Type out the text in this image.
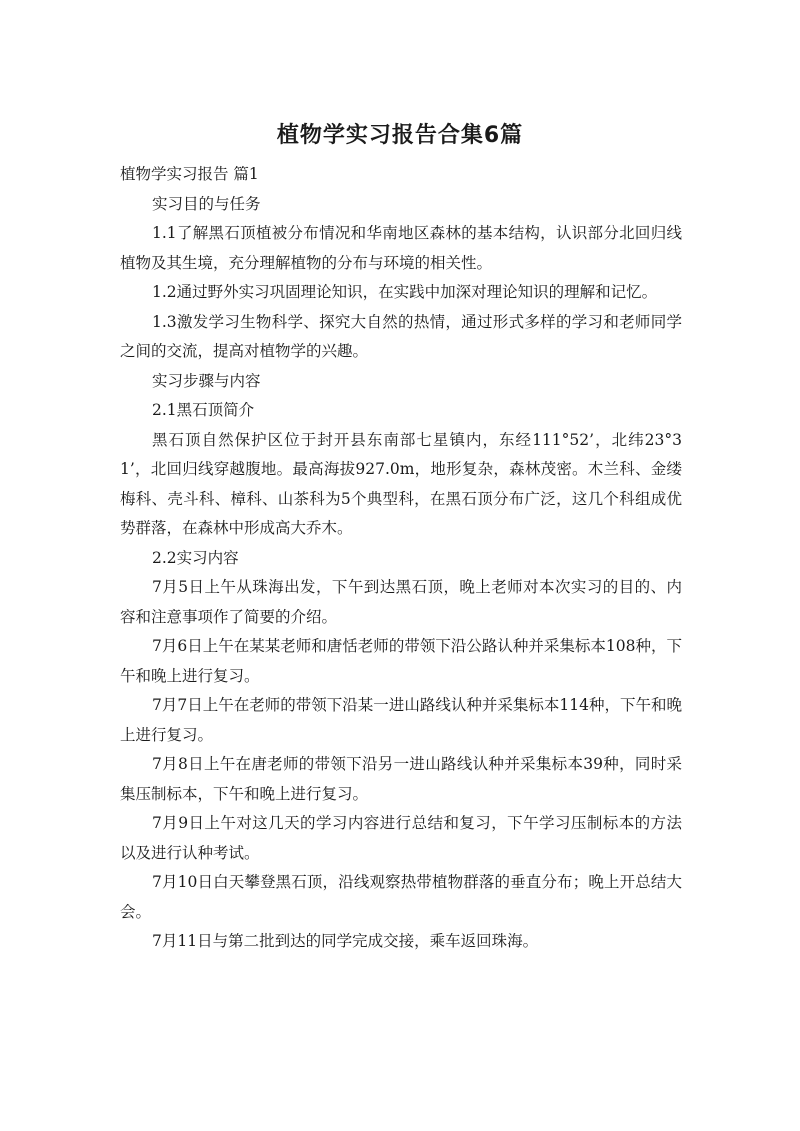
植物学实习报告合集6篇

植物学实习报告 篇1

实习目的与任务

1.1了解黑石顶植被分布情况和华南地区森林的基本结构，认识部分北回归线植物及其生境，充分理解植物的分布与环境的相关性。

1.2通过野外实习巩固理论知识，在实践中加深对理论知识的理解和记忆。

1.3激发学习生物科学、探究大自然的热情，通过形式多样的学习和老师同学之间的交流，提高对植物学的兴趣。

实习步骤与内容

2.1黑石顶简介

黑石顶自然保护区位于封开县东南部七星镇内，东经111°52’，北纬23°31’，北回归线穿越腹地。最高海拔927.0m，地形复杂，森林茂密。木兰科、金缕梅科、壳斗科、樟科、山茶科为5个典型科，在黑石顶分布广泛，这几个科组成优势群落，在森林中形成高大乔木。

2.2实习内容

7月5日上午从珠海出发，下午到达黑石顶，晚上老师对本次实习的目的、内容和注意事项作了简要的介绍。

7月6日上午在某某老师和唐恬老师的带领下沿公路认种并采集标本108种，下午和晚上进行复习。

7月7日上午在老师的带领下沿某一进山路线认种并采集标本114种，下午和晚上进行复习。

7月8日上午在唐老师的带领下沿另一进山路线认种并采集标本39种，同时采集压制标本，下午和晚上进行复习。

7月9日上午对这几天的学习内容进行总结和复习，下午学习压制标本的方法以及进行认种考试。

7月10日白天攀登黑石顶，沿线观察热带植物群落的垂直分布；晚上开总结大会。

7月11日与第二批到达的同学完成交接，乘车返回珠海。
